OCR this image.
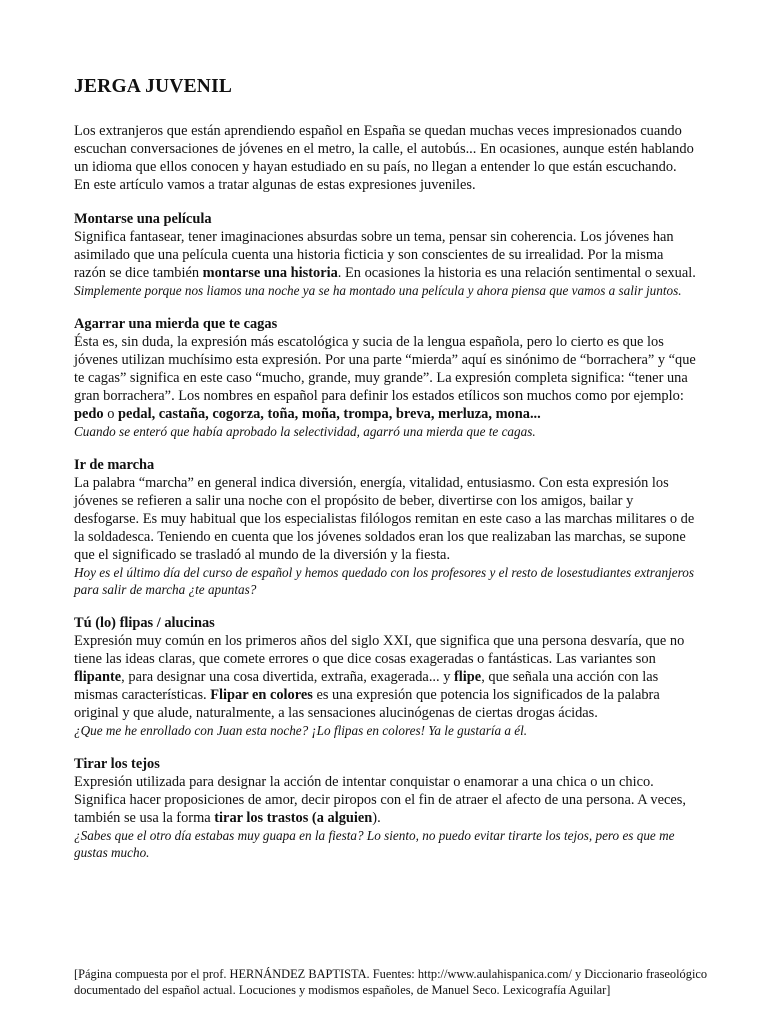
JERGA JUVENIL

Los extranjeros que están aprendiendo español en España se quedan muchas veces impresionados cuando escuchan conversaciones de jóvenes en el metro, la calle, el autobús... En ocasiones, aunque estén hablando un idioma que ellos conocen y hayan estudiado en su país, no llegan a entender lo que están escuchando. En este artículo vamos a tratar algunas de estas expresiones juveniles.

Montarse una película

Significa fantasear, tener imaginaciones absurdas sobre un tema, pensar sin coherencia. Los jóvenes han asimilado que una película cuenta una historia ficticia y son conscientes de su irrealidad. Por la misma razón se dice también montarse una historia. En ocasiones la historia es una relación sentimental o sexual.

Simplemente porque nos liamos una noche ya se ha montado una película y ahora piensa que vamos a salir juntos.

Agarrar una mierda que te cagas

Ésta es, sin duda, la expresión más escatológica y sucia de la lengua española, pero lo cierto es que los jóvenes utilizan muchísimo esta expresión. Por una parte “mierda” aquí es sinónimo de “borrachera” y “que te cagas” significa en este caso “mucho, grande, muy grande”. La expresión completa significa: “tener una gran borrachera”. Los nombres en español para definir los estados etílicos son muchos como por ejemplo: pedo o pedal, castaña, cogorza, toña, moña, trompa, breva, merluza, mona...

Cuando se enteró que había aprobado la selectividad, agarró una mierda que te cagas.

Ir de marcha

La palabra “marcha” en general indica diversión, energía, vitalidad, entusiasmo. Con esta expresión los jóvenes se refieren a salir una noche con el propósito de beber, divertirse con los amigos, bailar y desfogarse. Es muy habitual que los especialistas filólogos remitan en este caso a las marchas militares o de la soldadesca. Teniendo en cuenta que los jóvenes soldados eran los que realizaban las marchas, se supone que el significado se trasladó al mundo de la diversión y la fiesta.

Hoy es el último día del curso de español y hemos quedado con los profesores y el resto de losestudiantes extranjeros para salir de marcha ¿te apuntas?

Tú (lo) flipas / alucinas

Expresión muy común en los primeros años del siglo XXI, que significa que una persona desvaría, que no tiene las ideas claras, que comete errores o que dice cosas exageradas o fantásticas. Las variantes son flipante, para designar una cosa divertida, extraña, exagerada... y flipe, que señala una acción con las mismas características. Flipar en colores es una expresión que potencia los significados de la palabra original y que alude, naturalmente, a las sensaciones alucinógenas de ciertas drogas ácidas.

¿Que me he enrollado con Juan esta noche? ¡Lo flipas en colores! Ya le gustaría a él.

Tirar los tejos

Expresión utilizada para designar la acción de intentar conquistar o enamorar a una chica o un chico. Significa hacer proposiciones de amor, decir piropos con el fin de atraer el afecto de una persona. A veces, también se usa la forma tirar los trastos (a alguien).

¿Sabes que el otro día estabas muy guapa en la fiesta? Lo siento, no puedo evitar tirarte los tejos, pero es que me gustas mucho.

[Página compuesta por el prof. HERNÁNDEZ BAPTISTA. Fuentes: http://www.aulahispanica.com/ y Diccionario fraseológico documentado del español actual. Locuciones y modismos españoles, de Manuel Seco. Lexicografía Aguilar]
